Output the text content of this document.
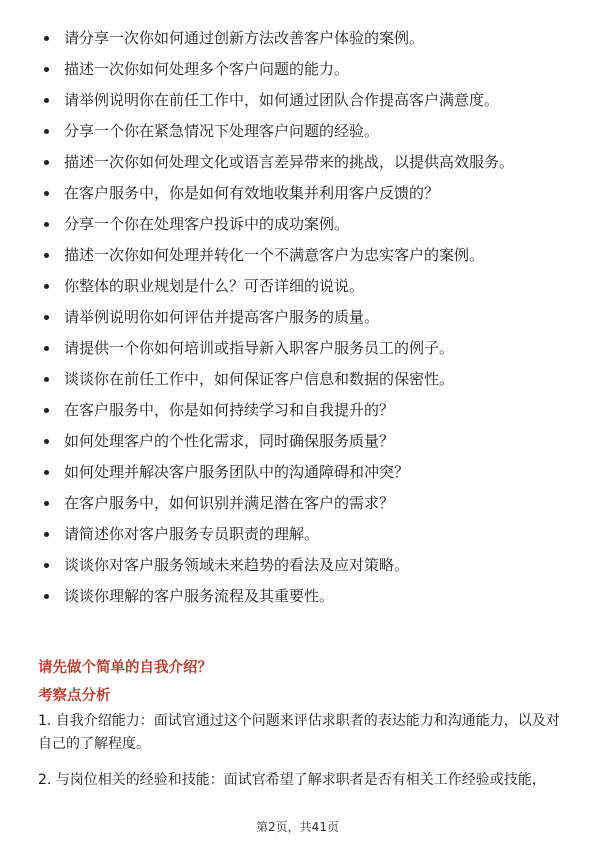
请分享一次你如何通过创新方法改善客户体验的案例。
描述一次你如何处理多个客户问题的能力。
请举例说明你在前任工作中，如何通过团队合作提高客户满意度。
分享一个你在紧急情况下处理客户问题的经验。
描述一次你如何处理文化或语言差异带来的挑战，以提供高效服务。
在客户服务中，你是如何有效地收集并利用客户反馈的？
分享一个你在处理客户投诉中的成功案例。
描述一次你如何处理并转化一个不满意客户为忠实客户的案例。
你整体的职业规划是什么？可否详细的说说。
请举例说明你如何评估并提高客户服务的质量。
请提供一个你如何培训或指导新入职客户服务员工的例子。
谈谈你在前任工作中，如何保证客户信息和数据的保密性。
在客户服务中，你是如何持续学习和自我提升的？
如何处理客户的个性化需求，同时确保服务质量？
如何处理并解决客户服务团队中的沟通障碍和冲突？
在客户服务中，如何识别并满足潜在客户的需求？
请简述你对客户服务专员职责的理解。
谈谈你对客户服务领域未来趋势的看法及应对策略。
谈谈你理解的客户服务流程及其重要性。
请先做个简单的自我介绍？
考察点分析
1. 自我介绍能力：面试官通过这个问题来评估求职者的表达能力和沟通能力，以及对自己的了解程度。
2. 与岗位相关的经验和技能：面试官希望了解求职者是否有相关工作经验或技能，
第2页，共41页
